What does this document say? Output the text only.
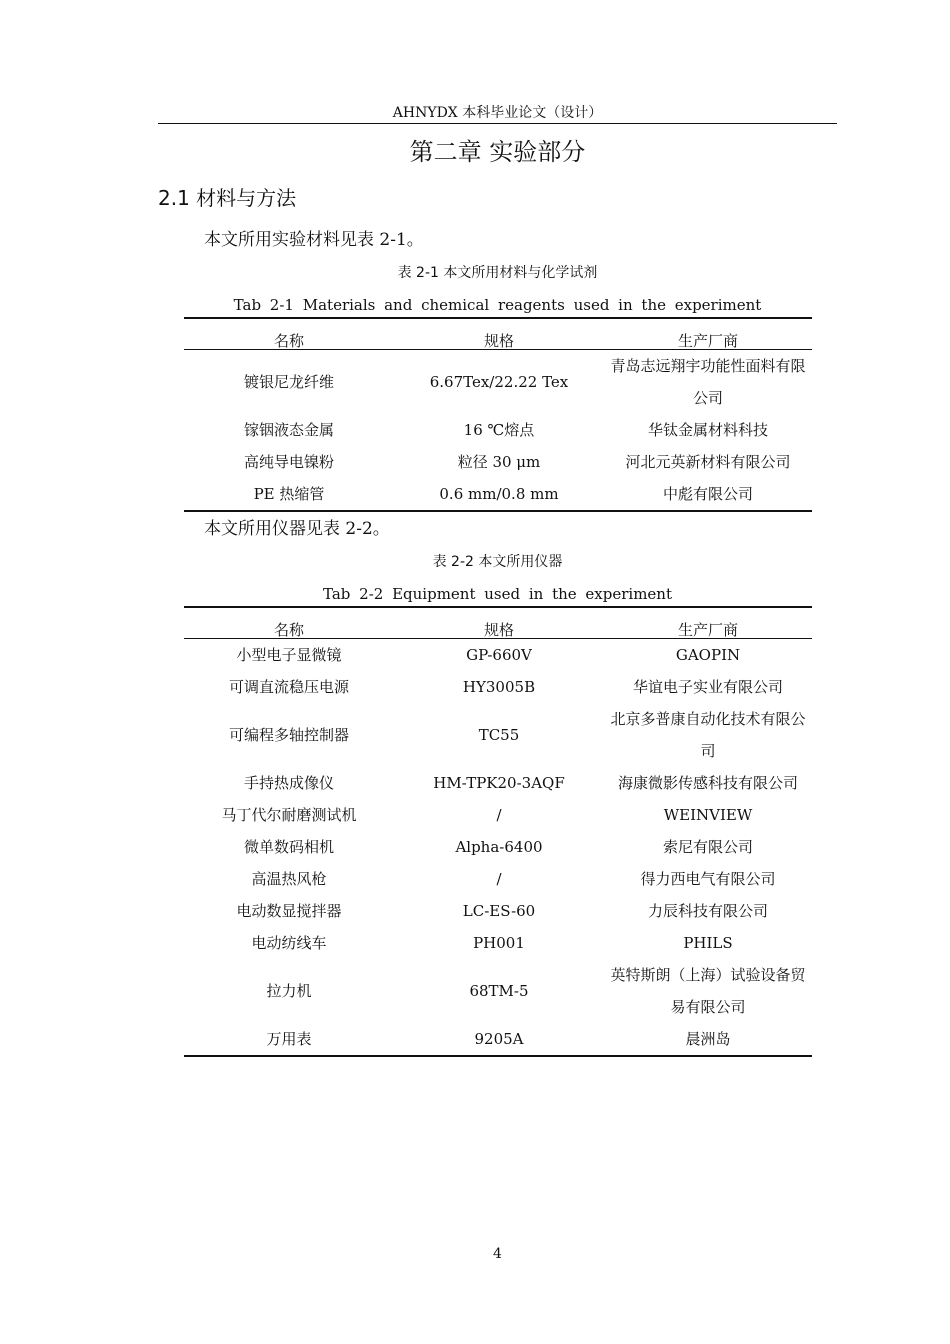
AHNYDX 本科毕业论文（设计）
第二章 实验部分
2.1 材料与方法
本文所用实验材料见表 2-1。
表 2-1 本文所用材料与化学试剂
Tab 2-1 Materials and chemical reagents used in the experiment
名称	规格	生产厂商
镀银尼龙纤维	6.67Tex/22.22 Tex	青岛志远翔宇功能性面料有限公司
镓铟液态金属	16 ℃熔点	华钛金属材料科技
高纯导电镍粉	粒径 30 μm	河北元英新材料有限公司
PE 热缩管	0.6 mm/0.8 mm	中彪有限公司
本文所用仪器见表 2-2。
表 2-2 本文所用仪器
Tab 2-2 Equipment used in the experiment
名称	规格	生产厂商
小型电子显微镜	GP-660V	GAOPIN
可调直流稳压电源	HY3005B	华谊电子实业有限公司
可编程多轴控制器	TC55	北京多普康自动化技术有限公司
手持热成像仪	HM-TPK20-3AQF	海康微影传感科技有限公司
马丁代尔耐磨测试机	/	WEINVIEW
微单数码相机	Alpha-6400	索尼有限公司
高温热风枪	/	得力西电气有限公司
电动数显搅拌器	LC-ES-60	力辰科技有限公司
电动纺线车	PH001	PHILS
拉力机	68TM-5	英特斯朗（上海）试验设备贸易有限公司
万用表	9205A	晨洲岛
4
